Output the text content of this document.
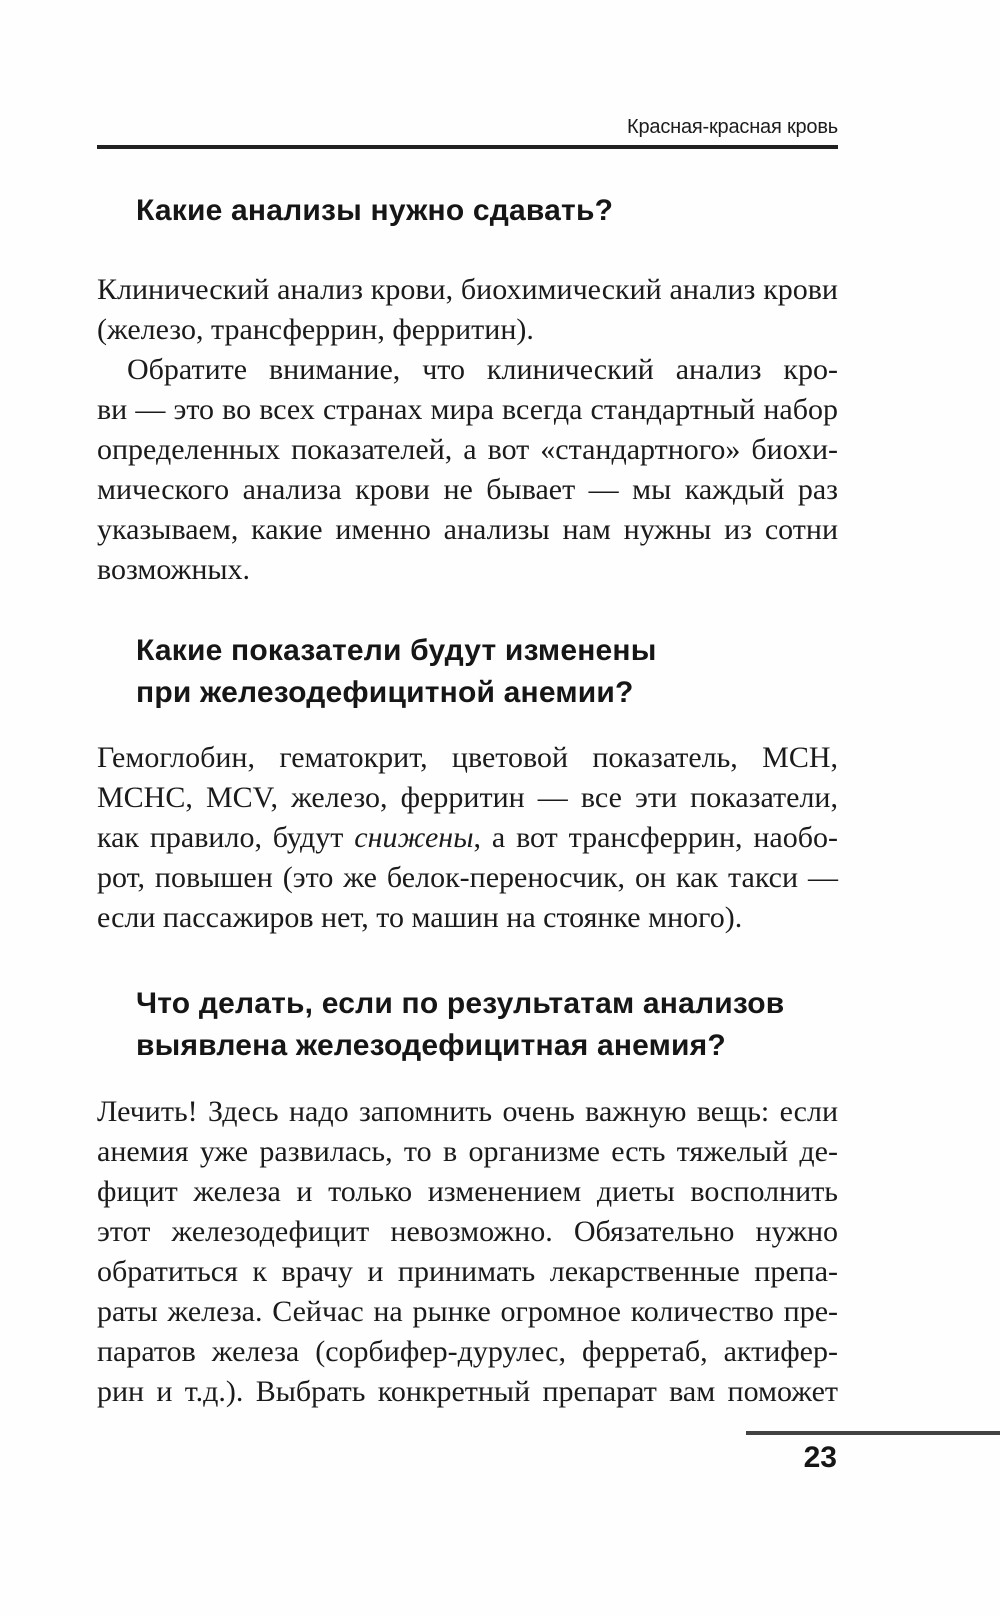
Красная-красная кровь
Какие анализы нужно сдавать?
Клинический анализ крови, биохимический анализ крови
(железо, трансферрин, ферритин).
Обратите внимание, что клинический анализ кро-
ви — это во всех странах мира всегда стандартный набор
определенных показателей, а вот «стандартного» биохи-
мического анализа крови не бывает — мы каждый раз
указываем, какие именно анализы нам нужны из сотни
возможных.
Какие показатели будут изменены
при железодефицитной анемии?
Гемоглобин, гематокрит, цветовой показатель, MCH,
MCHC, MCV, железо, ферритин — все эти показатели,
как правило, будут снижены, а вот трансферрин, наобо-
рот, повышен (это же белок-переносчик, он как такси —
если пассажиров нет, то машин на стоянке много).
Что делать, если по результатам анализов
выявлена железодефицитная анемия?
Лечить! Здесь надо запомнить очень важную вещь: если
анемия уже развилась, то в организме есть тяжелый де-
фицит железа и только изменением диеты восполнить
этот железодефицит невозможно. Обязательно нужно
обратиться к врачу и принимать лекарственные препа-
раты железа. Сейчас на рынке огромное количество пре-
паратов железа (сорбифер-дурулес, ферретаб, актифер-
рин и т.д.). Выбрать конкретный препарат вам поможет
23
